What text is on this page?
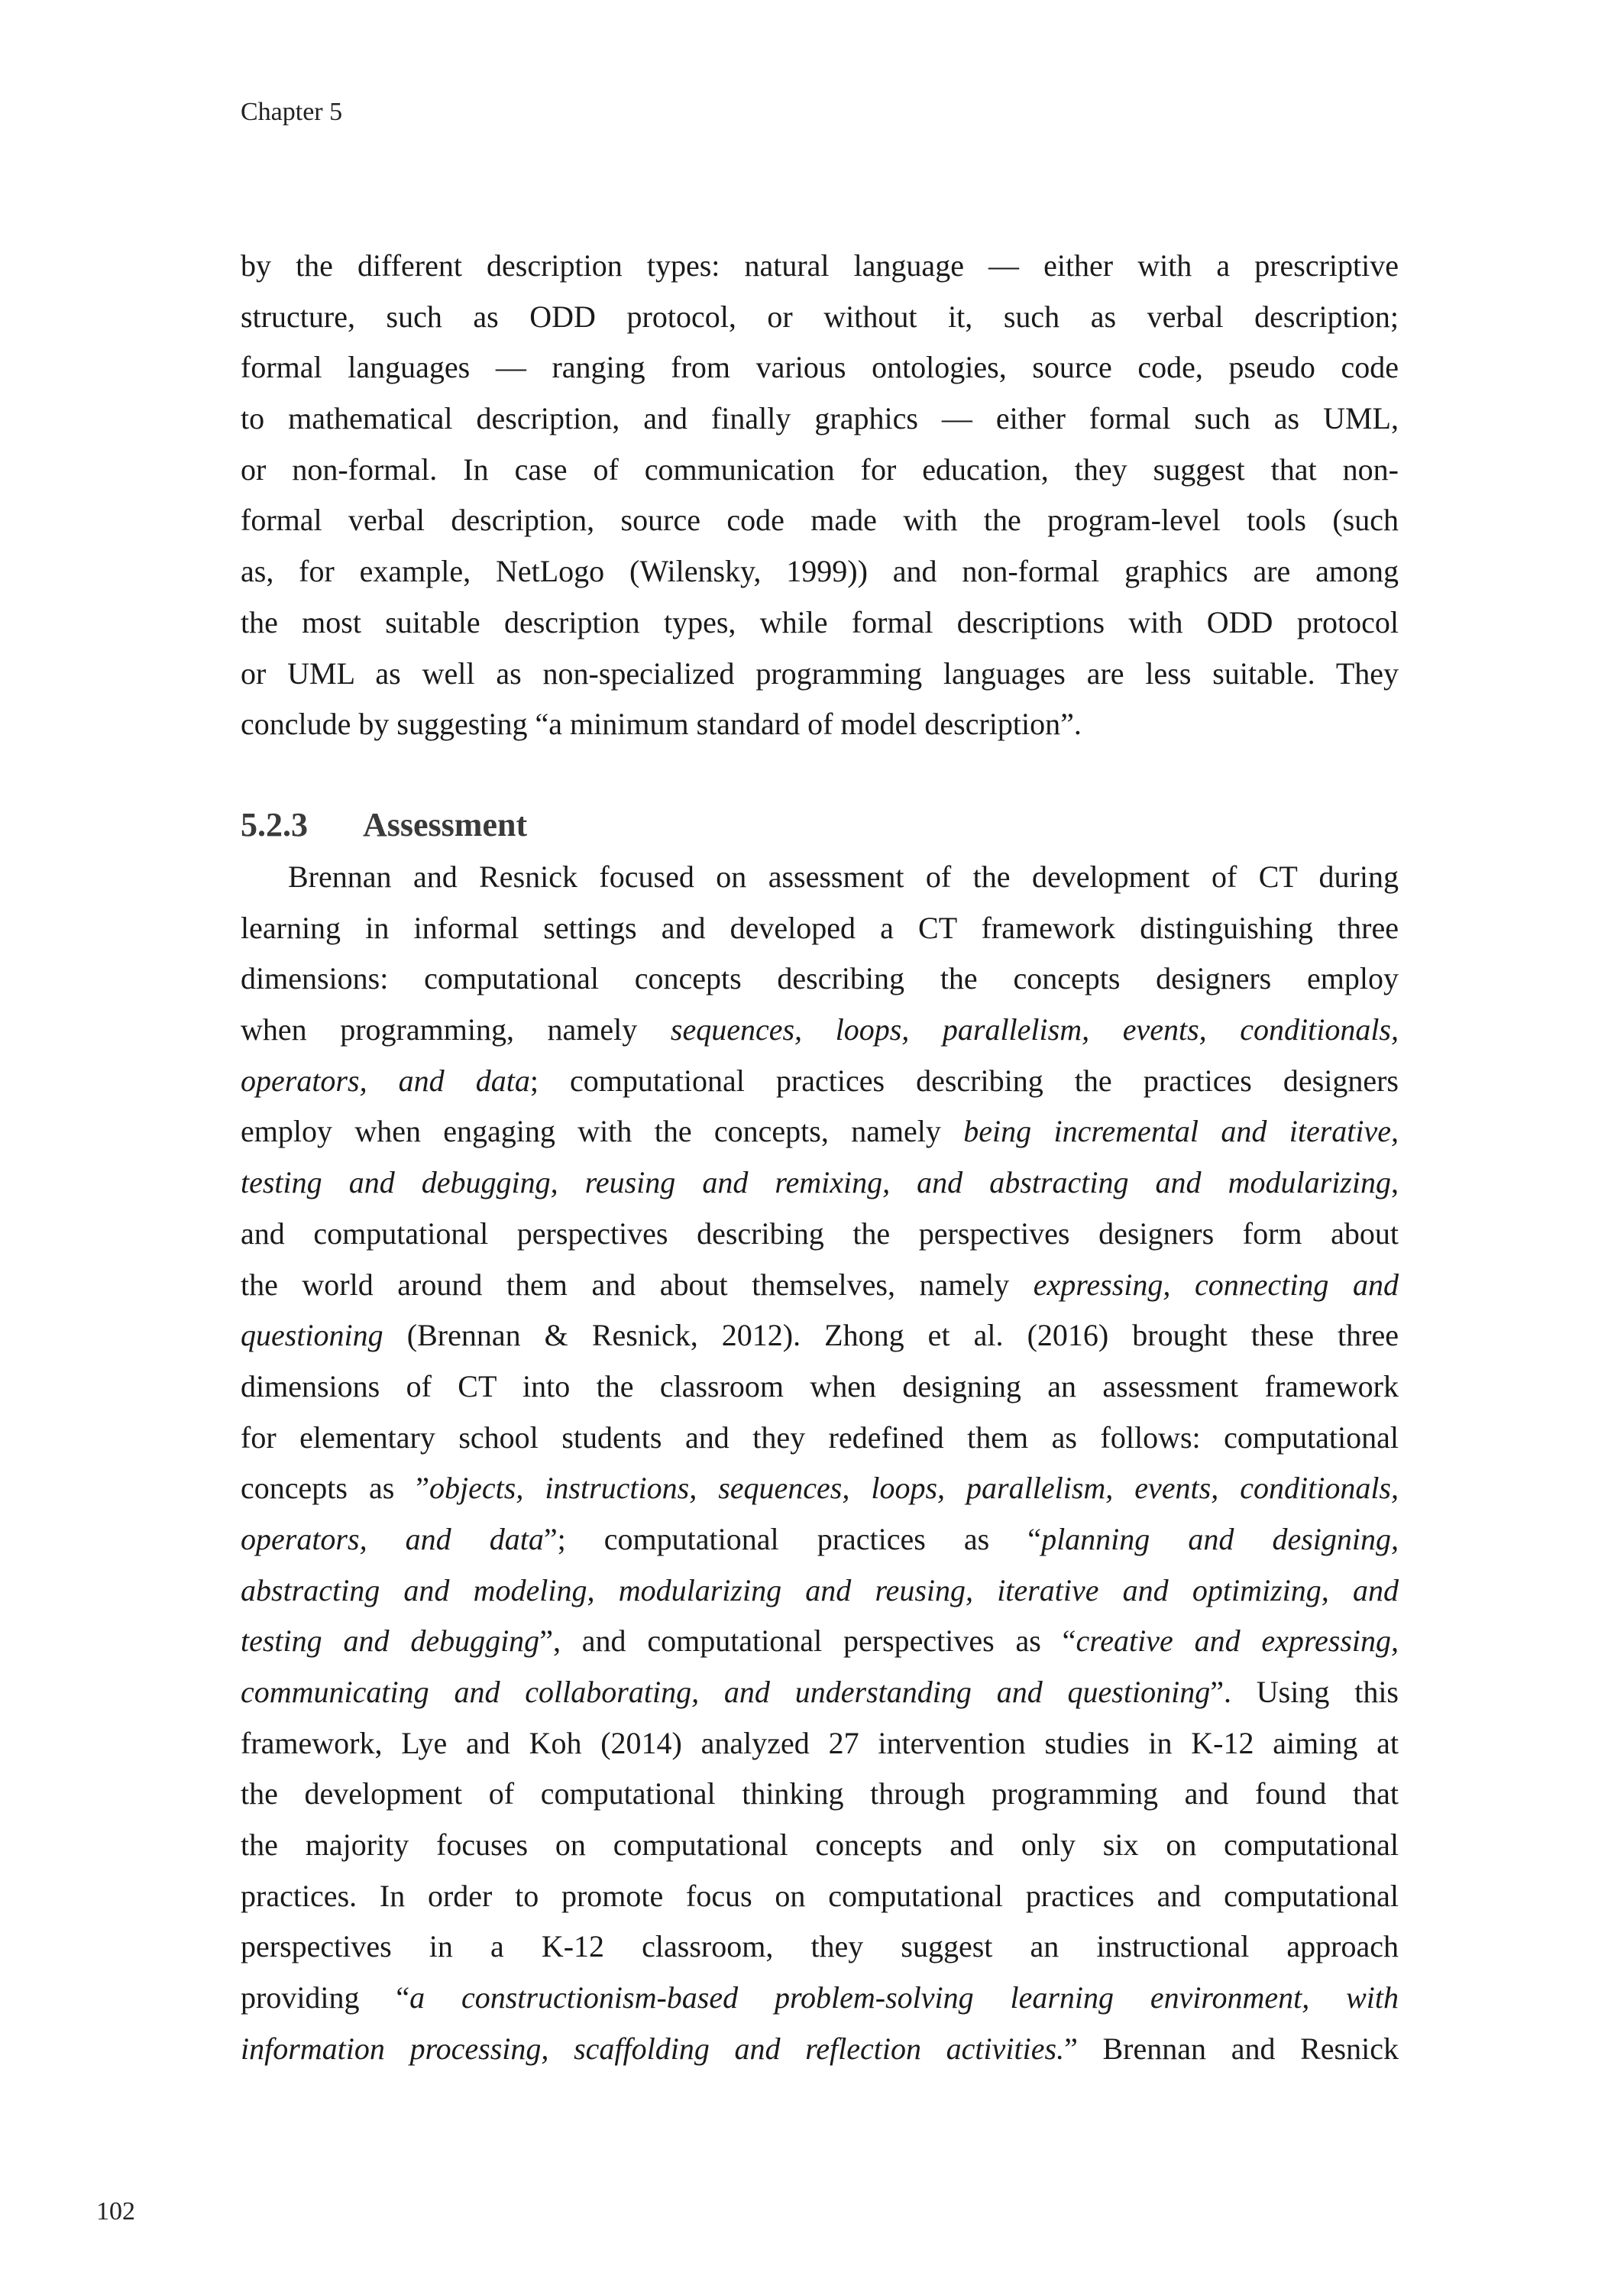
Chapter 5
by the different description types: natural language — either with a prescriptive
structure, such as ODD protocol, or without it, such as verbal description;
formal languages — ranging from various ontologies, source code, pseudo code
to mathematical description, and finally graphics — either formal such as UML,
or non-formal. In case of communication for education, they suggest that non-
formal verbal description, source code made with the program-level tools (such
as, for example, NetLogo (Wilensky, 1999)) and non-formal graphics are among
the most suitable description types, while formal descriptions with ODD protocol
or UML as well as non-specialized programming languages are less suitable. They
conclude by suggesting “a minimum standard of model description”.
5.2.3 Assessment
Brennan and Resnick focused on assessment of the development of CT during
learning in informal settings and developed a CT framework distinguishing three
dimensions: computational concepts describing the concepts designers employ
when programming, namely sequences, loops, parallelism, events, conditionals,
operators, and data; computational practices describing the practices designers
employ when engaging with the concepts, namely being incremental and iterative,
testing and debugging, reusing and remixing, and abstracting and modularizing,
and computational perspectives describing the perspectives designers form about
the world around them and about themselves, namely expressing, connecting and
questioning (Brennan & Resnick, 2012). Zhong et al. (2016) brought these three
dimensions of CT into the classroom when designing an assessment framework
for elementary school students and they redefined them as follows: computational
concepts as ”objects, instructions, sequences, loops, parallelism, events, conditionals,
operators, and data”; computational practices as “planning and designing,
abstracting and modeling, modularizing and reusing, iterative and optimizing, and
testing and debugging”, and computational perspectives as “creative and expressing,
communicating and collaborating, and understanding and questioning”. Using this
framework, Lye and Koh (2014) analyzed 27 intervention studies in K-12 aiming at
the development of computational thinking through programming and found that
the majority focuses on computational concepts and only six on computational
practices. In order to promote focus on computational practices and computational
perspectives in a K-12 classroom, they suggest an instructional approach
providing “a constructionism-based problem-solving learning environment, with
information processing, scaffolding and reflection activities.” Brennan and Resnick
102
